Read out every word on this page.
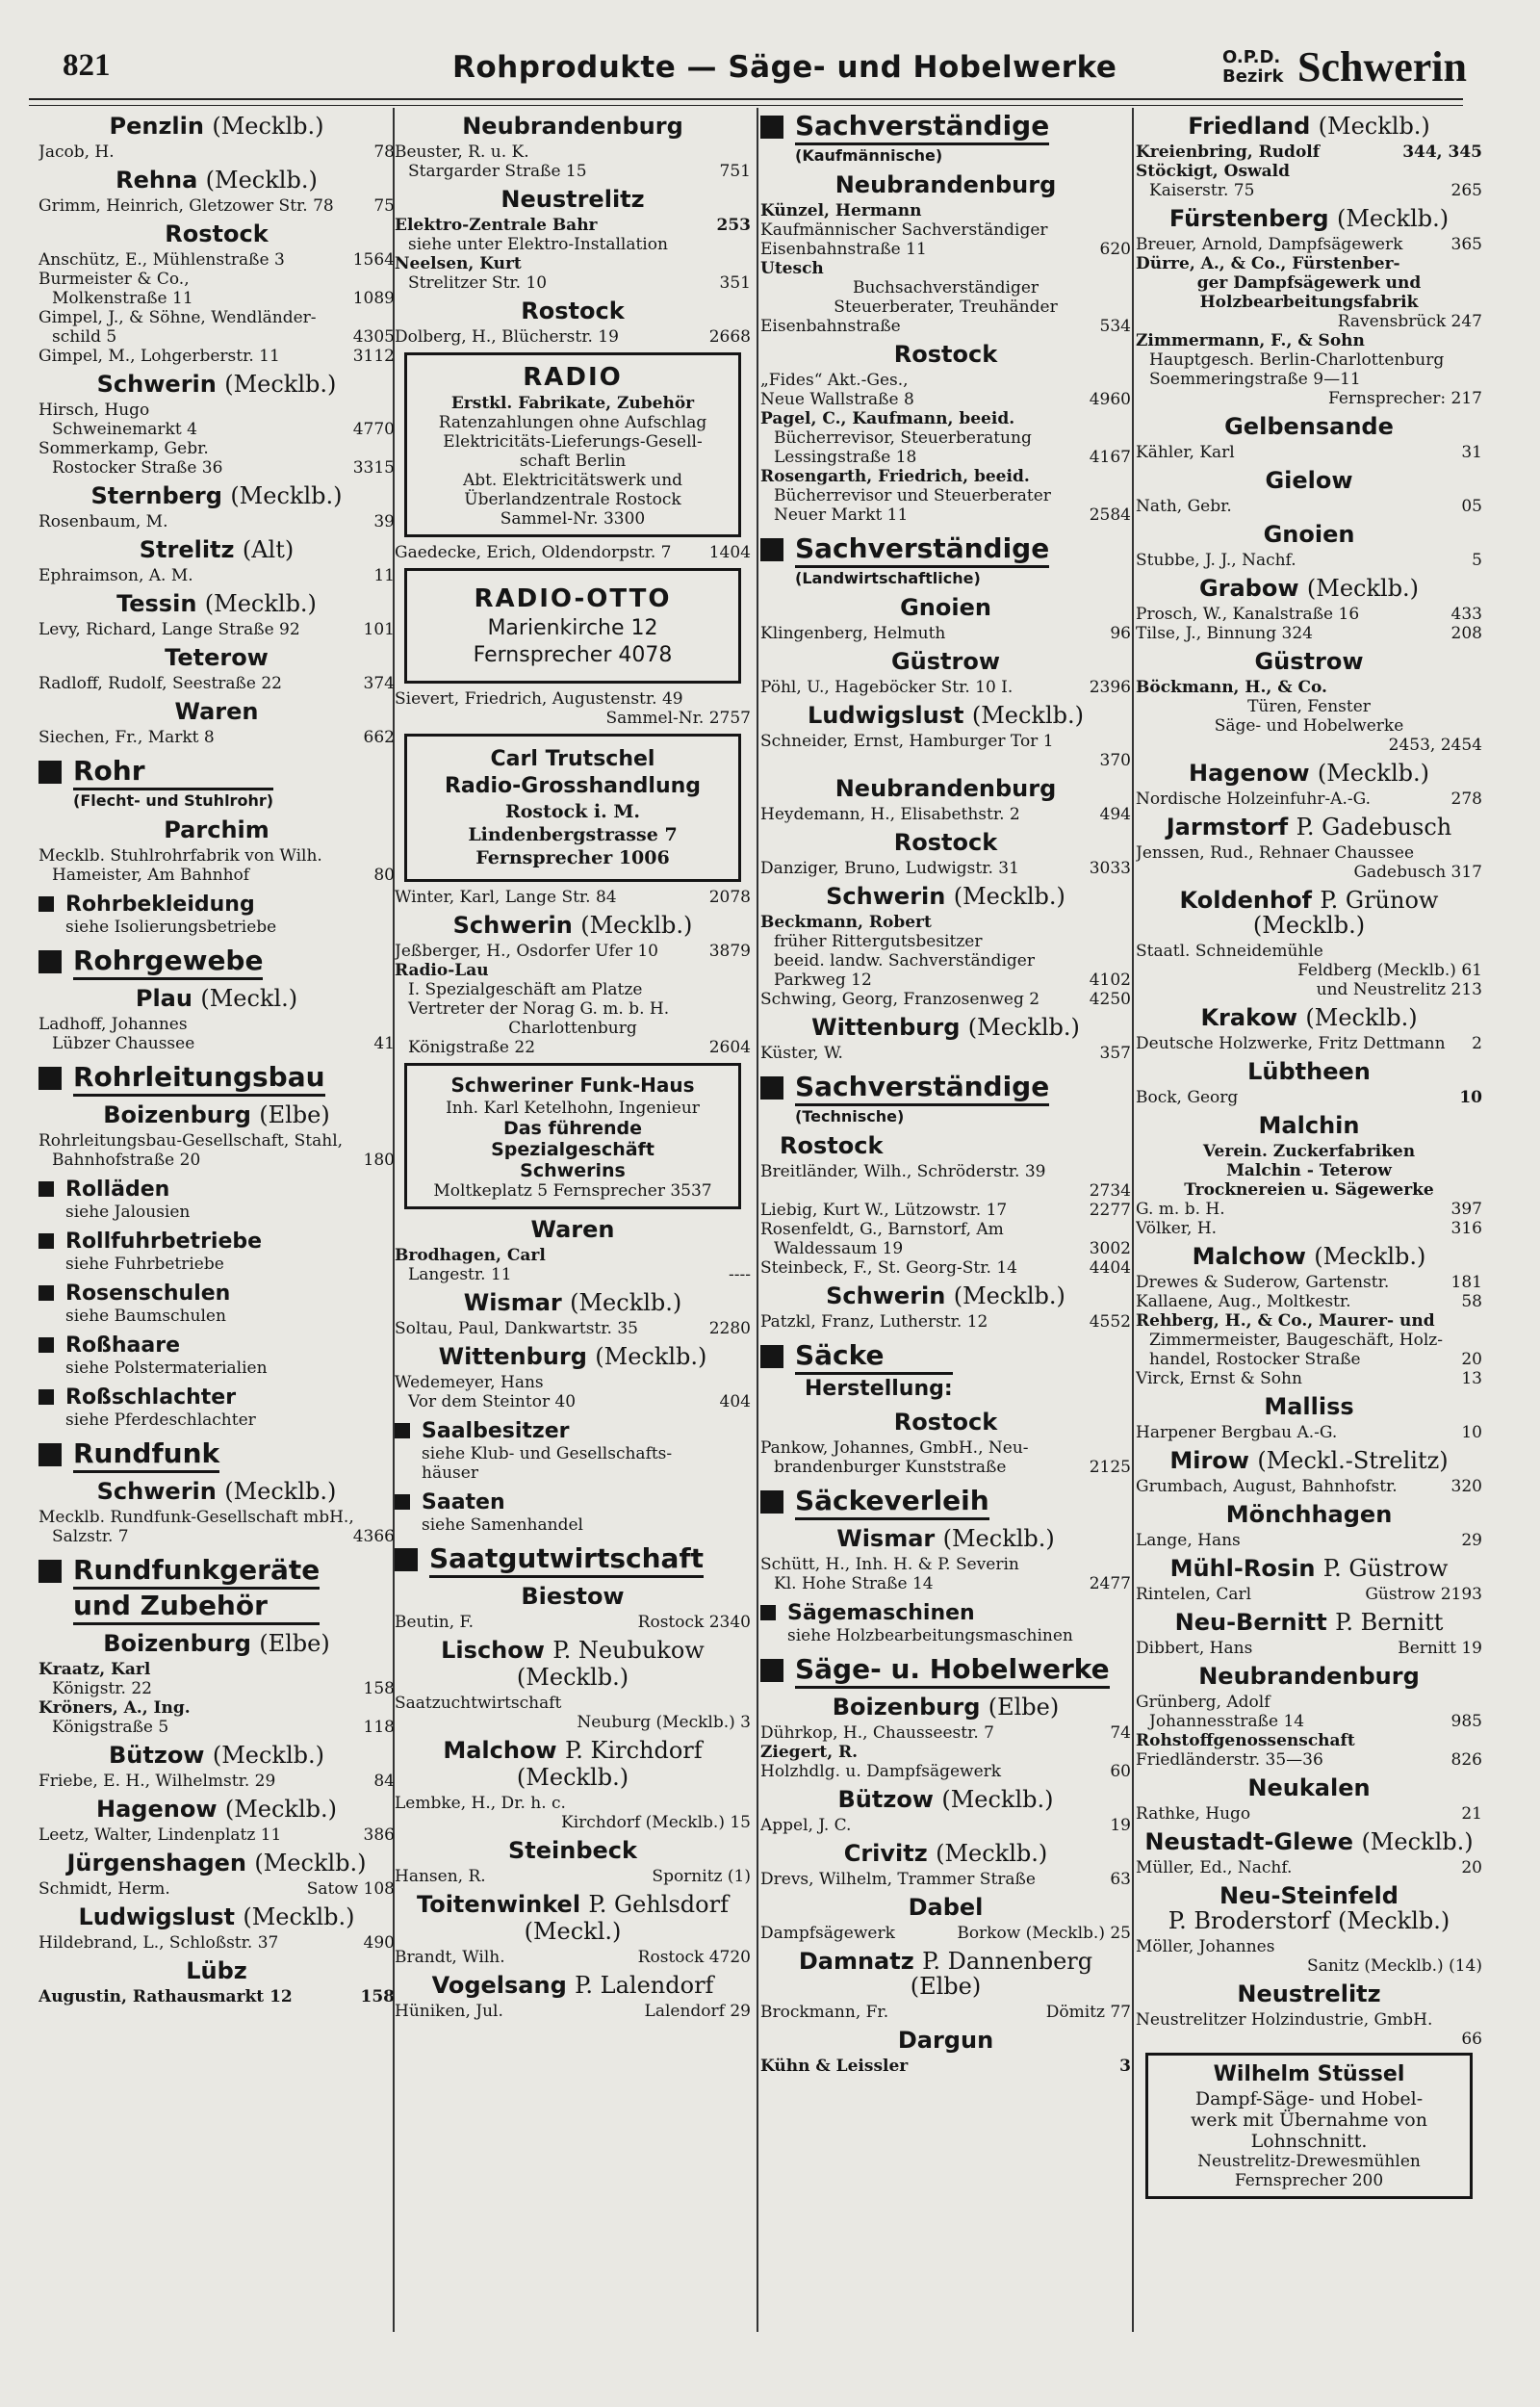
821	Rohprodukte — Säge- und Hobelwerke	O.P.D.
Bezirk Schwerin
Penzlin (Mecklb.)
Jacob, H.	78
Rehna (Mecklb.)
Grimm, Heinrich, Gletzower Str. 78 75
Rostock
Anschütz, E., Mühlenstraße 3	1564
Burmeister & Co.,
Molkenstraße 11	1089
Gimpel, J., & Söhne, Wendländer-
schild 5	4305
Gimpel, M., Lohgerberstr. 11	3112
Schwerin (Mecklb.)
Hirsch, Hugo
Schweinemarkt 4	4770
Sommerkamp, Gebr.
Rostocker Straße 36	3315
Sternberg (Mecklb.)
Rosenbaum, M.	39
Strelitz (Alt)
Ephraimson, A. M.	11
Tessin (Mecklb.)
Levy, Richard, Lange Straße 92	101
Teterow
Radloff, Rudolf, Seestraße 22	374
Waren
Siechen, Fr., Markt 8	662
Rohr
(Flecht- und Stuhlrohr)
Parchim
Mecklb. Stuhlrohrfabrik von Wilh.
Hameister, Am Bahnhof	80
Rohrbekleidung
siehe Isolierungsbetriebe
Rohrgewebe
Plau (Meckl.)
Ladhoff, Johannes
Lübzer Chaussee	41
Rohrleitungsbau
Boizenburg (Elbe)
Rohrleitungsbau-Gesellschaft, Stahl,
Bahnhofstraße 20	180
Rolläden
siehe Jalousien
Rollfuhrbetriebe
siehe Fuhrbetriebe
Rosenschulen
siehe Baumschulen
Roßhaare
siehe Polstermaterialien
Roßschlachter
siehe Pferdeschlachter
Rundfunk
Schwerin (Mecklb.)
Mecklb. Rundfunk-Gesellschaft mbH.,
Salzstr. 7	4366
Rundfunkgeräte
und Zubehör
Boizenburg (Elbe)
Kraatz, Karl
Königstr. 22	158
Kröners, A., Ing.
Königstraße 5	118
Bützow (Mecklb.)
Friebe, E. H., Wilhelmstr. 29	84
Hagenow (Mecklb.)
Leetz, Walter, Lindenplatz 11	386
Jürgenshagen (Mecklb.)
Schmidt, Herm.	Satow 108
Ludwigslust (Mecklb.)
Hildebrand, L., Schloßstr. 37	490
Lübz
Augustin, Rathausmarkt 12	158
Neubrandenburg
Beuster, R. u. K.
Stargarder Straße 15	751
Neustrelitz
Elektro-Zentrale Bahr	253
siehe unter Elektro-Installation
Neelsen, Kurt
Strelitzer Str. 10	351
Rostock
Dolberg, H., Blücherstr. 19	2668
RADIO
Erstkl. Fabrikate, Zubehör
Ratenzahlungen ohne Aufschlag
Elektricitäts-Lieferungs-Gesell-
schaft Berlin
Abt. Elektricitätswerk und
Überlandzentrale Rostock
Sammel-Nr. 3300
Gaedecke, Erich, Oldendorpstr. 7 1404
RADIO-OTTO
Marienkirche 12
Fernsprecher 4078
Sievert, Friedrich, Augustenstr. 49
Sammel-Nr. 2757
Carl Trutschel
Radio-Grosshandlung
Rostock i. M.
Lindenbergstrasse 7
Fernsprecher 1006
Winter, Karl, Lange Str. 84	2078
Schwerin (Mecklb.)
Jeßberger, H., Osdorfer Ufer 10	3879
Radio-Lau
I. Spezialgeschäft am Platze
Vertreter der Norag G. m. b. H.
Charlottenburg
Königstraße 22	2604
Schweriner Funk-Haus
Inh. Karl Ketelhohn, Ingenieur
Das führende
Spezialgeschäft
Schwerins
Moltkeplatz 5 Fernsprecher 3537
Waren
Brodhagen, Carl
Langestr. 11	----
Wismar (Mecklb.)
Soltau, Paul, Dankwartstr. 35	2280
Wittenburg (Mecklb.)
Wedemeyer, Hans
Vor dem Steintor 40	404
Saalbesitzer
siehe Klub- und Gesellschafts-
häuser
Saaten
siehe Samenhandel
Saatgutwirtschaft
Biestow
Beutin, F.	Rostock 2340
Lischow P. Neubukow
(Mecklb.)
Saatzuchtwirtschaft
Neuburg (Mecklb.) 3
Malchow P. Kirchdorf
(Mecklb.)
Lembke, H., Dr. h. c.
Kirchdorf (Mecklb.) 15
Steinbeck
Hansen, R.	Spornitz (1)
Toitenwinkel P. Gehlsdorf
(Meckl.)
Brandt, Wilh.	Rostock 4720
Vogelsang P. Lalendorf
Hüniken, Jul.	Lalendorf 29
Sachverständige
(Kaufmännische)
Neubrandenburg
Künzel, Hermann
Kaufmännischer Sachverständiger
Eisenbahnstraße 11	620
Utesch
Buchsachverständiger
Steuerberater, Treuhänder
Eisenbahnstraße	534
Rostock
„Fides“ Akt.-Ges.,
Neue Wallstraße 8	4960
Pagel, C., Kaufmann, beeid.
Bücherrevisor, Steuerberatung
Lessingstraße 18	4167
Rosengarth, Friedrich, beeid.
Bücherrevisor und Steuerberater
Neuer Markt 11	2584
Sachverständige
(Landwirtschaftliche)
Gnoien
Klingenberg, Helmuth	96
Güstrow
Pöhl, U., Hageböcker Str. 10 I.	2396
Ludwigslust (Mecklb.)
Schneider, Ernst, Hamburger Tor 1
370
Neubrandenburg
Heydemann, H., Elisabethstr. 2	494
Rostock
Danziger, Bruno, Ludwigstr. 31	3033
Schwerin (Mecklb.)
Beckmann, Robert
früher Rittergutsbesitzer
beeid. landw. Sachverständiger
Parkweg 12	4102
Schwing, Georg, Franzosenweg 2	4250
Wittenburg (Mecklb.)
Küster, W.	357
Sachverständige
(Technische)
Rostock
Breitländer, Wilh., Schröderstr. 39
2734
Liebig, Kurt W., Lützowstr. 17	2277
Rosenfeldt, G., Barnstorf, Am
Waldessaum 19	3002
Steinbeck, F., St. Georg-Str. 14	4404
Schwerin (Mecklb.)
Patzkl, Franz, Lutherstr. 12	4552
Säcke
Herstellung:
Rostock
Pankow, Johannes, GmbH., Neu-
brandenburger Kunststraße	2125
Säckeverleih
Wismar (Mecklb.)
Schütt, H., Inh. H. & P. Severin
Kl. Hohe Straße 14	2477
Sägemaschinen
siehe Holzbearbeitungsmaschinen
Säge- u. Hobelwerke
Boizenburg (Elbe)
Dührkop, H., Chausseestr. 7	74
Ziegert, R.
Holzhdlg. u. Dampfsägewerk	60
Bützow (Mecklb.)
Appel, J. C.	19
Crivitz (Mecklb.)
Drevs, Wilhelm, Trammer Straße	63
Dabel
Dampfsägewerk	Borkow (Mecklb.) 25
Damnatz P. Dannenberg
(Elbe)
Brockmann, Fr.	Dömitz 77
Dargun
Kühn & Leissler	3
Friedland (Mecklb.)
Kreienbring, Rudolf	344, 345
Stöckigt, Oswald
Kaiserstr. 75	265
Fürstenberg (Mecklb.)
Breuer, Arnold, Dampfsägewerk	365
Dürre, A., & Co., Fürstenber-
ger Dampfsägewerk und
Holzbearbeitungsfabrik
Ravensbrück 247
Zimmermann, F., & Sohn
Hauptgesch. Berlin-Charlottenburg
Soemmeringstraße 9—11
Fernsprecher: 217
Gelbensande
Kähler, Karl	31
Gielow
Nath, Gebr.	05
Gnoien
Stubbe, J. J., Nachf.	5
Grabow (Mecklb.)
Prosch, W., Kanalstraße 16	433
Tilse, J., Binnung 324	208
Güstrow
Böckmann, H., & Co.
Türen, Fenster
Säge- und Hobelwerke
2453, 2454
Hagenow (Mecklb.)
Nordische Holzeinfuhr-A.-G.	278
Jarmstorf P. Gadebusch
Jenssen, Rud., Rehnaer Chaussee
Gadebusch 317
Koldenhof P. Grünow
(Mecklb.)
Staatl. Schneidemühle
Feldberg (Mecklb.) 61
und Neustrelitz 213
Krakow (Mecklb.)
Deutsche Holzwerke, Fritz Dettmann 2
Lübtheen
Bock, Georg	10
Malchin
Verein. Zuckerfabriken
Malchin - Teterow
Trocknereien u. Sägewerke
G. m. b. H.	397
Völker, H.	316
Malchow (Mecklb.)
Drewes & Suderow, Gartenstr.	181
Kallaene, Aug., Moltkestr.	58
Rehberg, H., & Co., Maurer- und
Zimmermeister, Baugeschäft, Holz-
handel, Rostocker Straße	20
Virck, Ernst & Sohn	13
Malliss
Harpener Bergbau A.-G.	10
Mirow (Meckl.-Strelitz)
Grumbach, August, Bahnhofstr.	320
Mönchhagen
Lange, Hans	29
Mühl-Rosin P. Güstrow
Rintelen, Carl	Güstrow 2193
Neu-Bernitt P. Bernitt
Dibbert, Hans	Bernitt 19
Neubrandenburg
Grünberg, Adolf
Johannesstraße 14	985
Rohstoffgenossenschaft
Friedländerstr. 35—36	826
Neukalen
Rathke, Hugo	21
Neustadt-Glewe (Mecklb.)
Müller, Ed., Nachf.	20
Neu-Steinfeld
P. Broderstorf (Mecklb.)
Möller, Johannes
Sanitz (Mecklb.) (14)
Neustrelitz
Neustrelitzer Holzindustrie, GmbH.
66
Wilhelm Stüssel
Dampf-Säge- und Hobel-
werk mit Übernahme von
Lohnschnitt.
Neustrelitz-Drewesmühlen
Fernsprecher 200
